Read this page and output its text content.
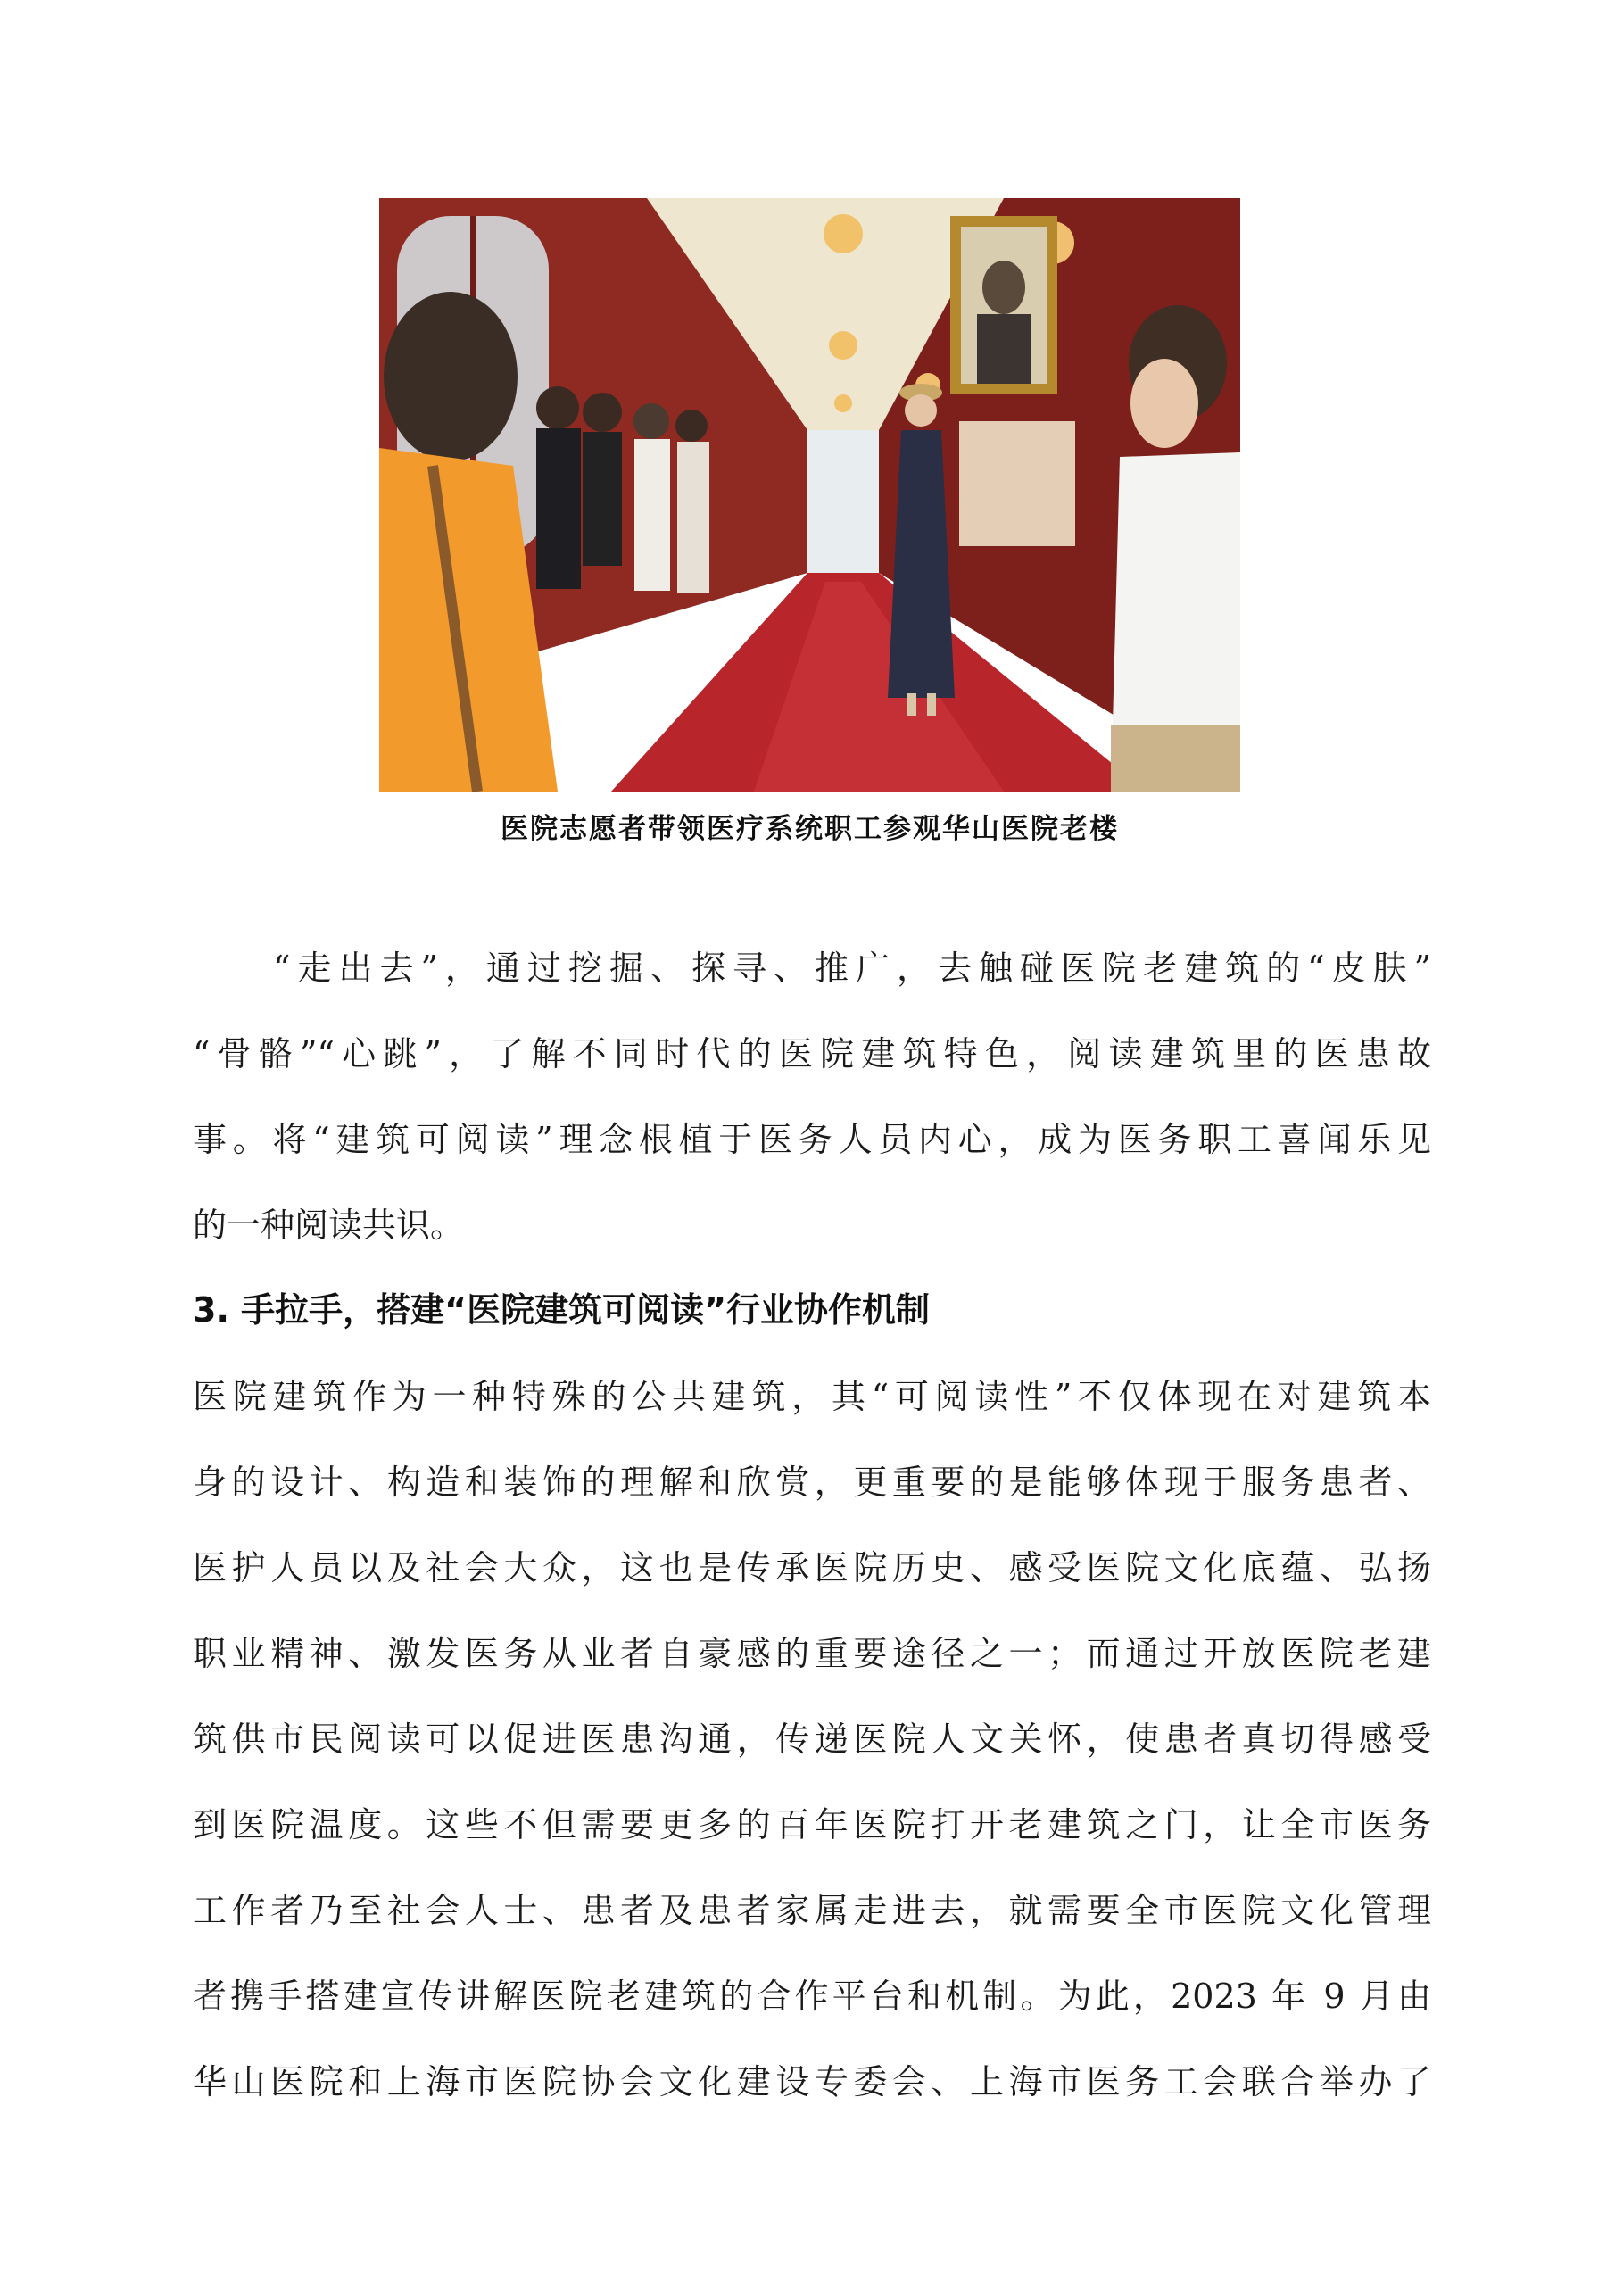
医院志愿者带领医疗系统职工参观华山医院老楼
“走出去”，通过挖掘、探寻、推广，去触碰医院老建筑的“皮肤”
“骨骼”“心跳”，了解不同时代的医院建筑特色，阅读建筑里的医患故
事。将“建筑可阅读”理念根植于医务人员内心，成为医务职工喜闻乐见
的一种阅读共识。
3. 手拉手，搭建“医院建筑可阅读”行业协作机制
医院建筑作为一种特殊的公共建筑，其“可阅读性”不仅体现在对建筑本
身的设计、构造和装饰的理解和欣赏，更重要的是能够体现于服务患者、
医护人员以及社会大众，这也是传承医院历史、感受医院文化底蕴、弘扬
职业精神、激发医务从业者自豪感的重要途径之一；而通过开放医院老建
筑供市民阅读可以促进医患沟通，传递医院人文关怀，使患者真切得感受
到医院温度。这些不但需要更多的百年医院打开老建筑之门，让全市医务
工作者乃至社会人士、患者及患者家属走进去，就需要全市医院文化管理
者携手搭建宣传讲解医院老建筑的合作平台和机制。为此，2023 年 9 月由
华山医院和上海市医院协会文化建设专委会、上海市医务工会联合举办了
